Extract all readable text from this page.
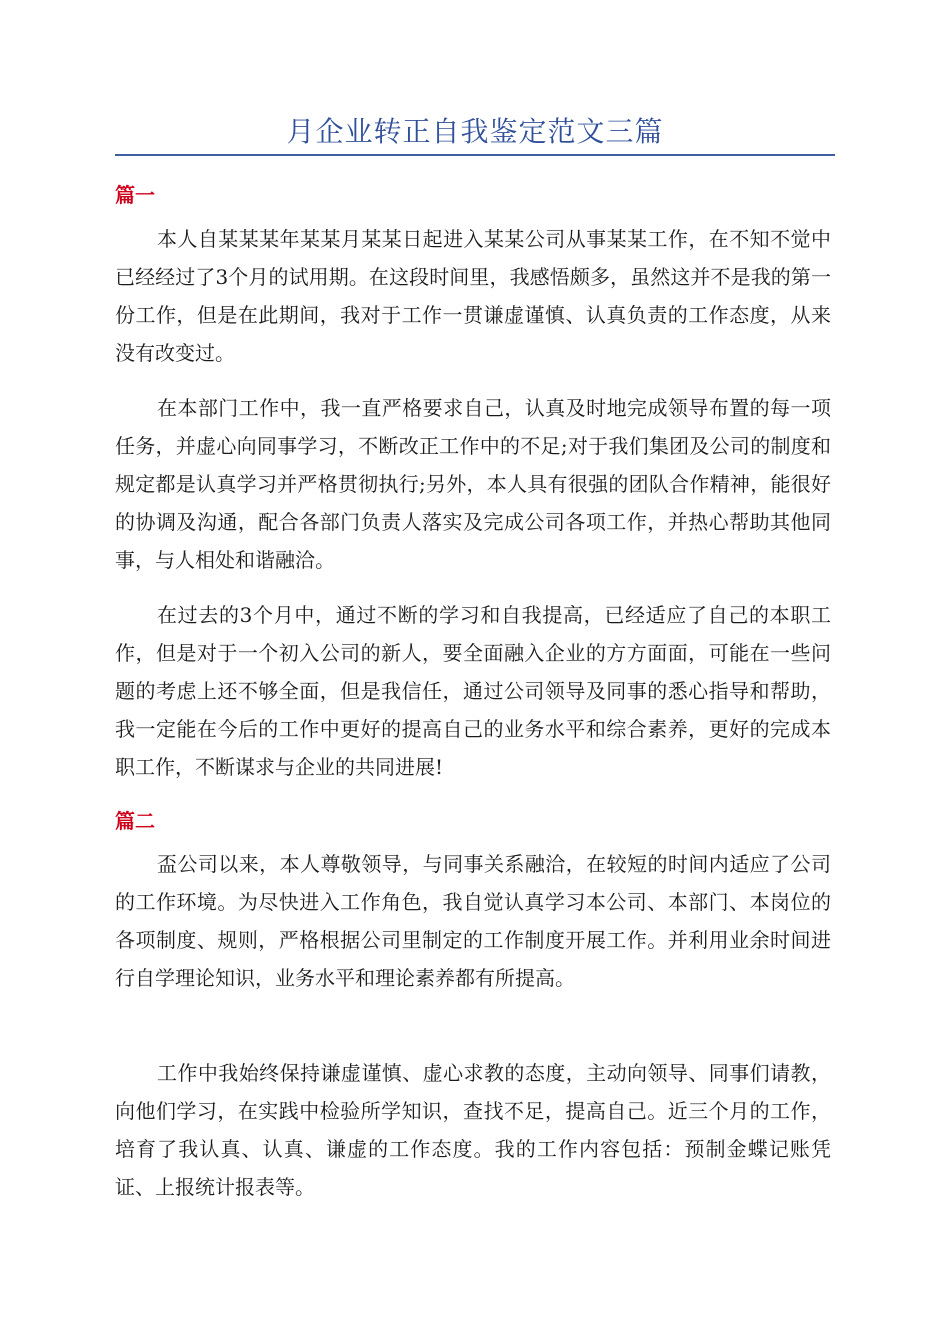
月企业转正自我鉴定范文三篇
篇一

本人自某某某年某某月某某日起进入某某公司从事某某工作，在不知不觉中已经经过了3个月的试用期。在这段时间里，我感悟颇多，虽然这并不是我的第一份工作，但是在此期间，我对于工作一贯谦虚谨慎、认真负责的工作态度，从来没有改变过。

在本部门工作中，我一直严格要求自己，认真及时地完成领导布置的每一项任务，并虚心向同事学习，不断改正工作中的不足;对于我们集团及公司的制度和规定都是认真学习并严格贯彻执行;另外，本人具有很强的团队合作精神，能很好的协调及沟通，配合各部门负责人落实及完成公司各项工作，并热心帮助其他同事，与人相处和谐融洽。

在过去的3个月中，通过不断的学习和自我提高，已经适应了自己的本职工作，但是对于一个初入公司的新人，要全面融入企业的方方面面，可能在一些问题的考虑上还不够全面，但是我信任，通过公司领导及同事的悉心指导和帮助，我一定能在今后的工作中更好的提高自己的业务水平和综合素养，更好的完成本职工作，不断谋求与企业的共同进展!

篇二

盃公司以来，本人尊敬领导，与同事关系融洽，在较短的时间内适应了公司的工作环境。为尽快进入工作角色，我自觉认真学习本公司、本部门、本岗位的各项制度、规则，严格根据公司里制定的工作制度开展工作。并利用业余时间进行自学理论知识，业务水平和理论素养都有所提高。

工作中我始终保持谦虚谨慎、虚心求教的态度，主动向领导、同事们请教，向他们学习，在实践中检验所学知识，查找不足，提高自己。近三个月的工作，培育了我认真、认真、谦虚的工作态度。我的工作内容包括：预制金蝶记账凭证、上报统计报表等。
